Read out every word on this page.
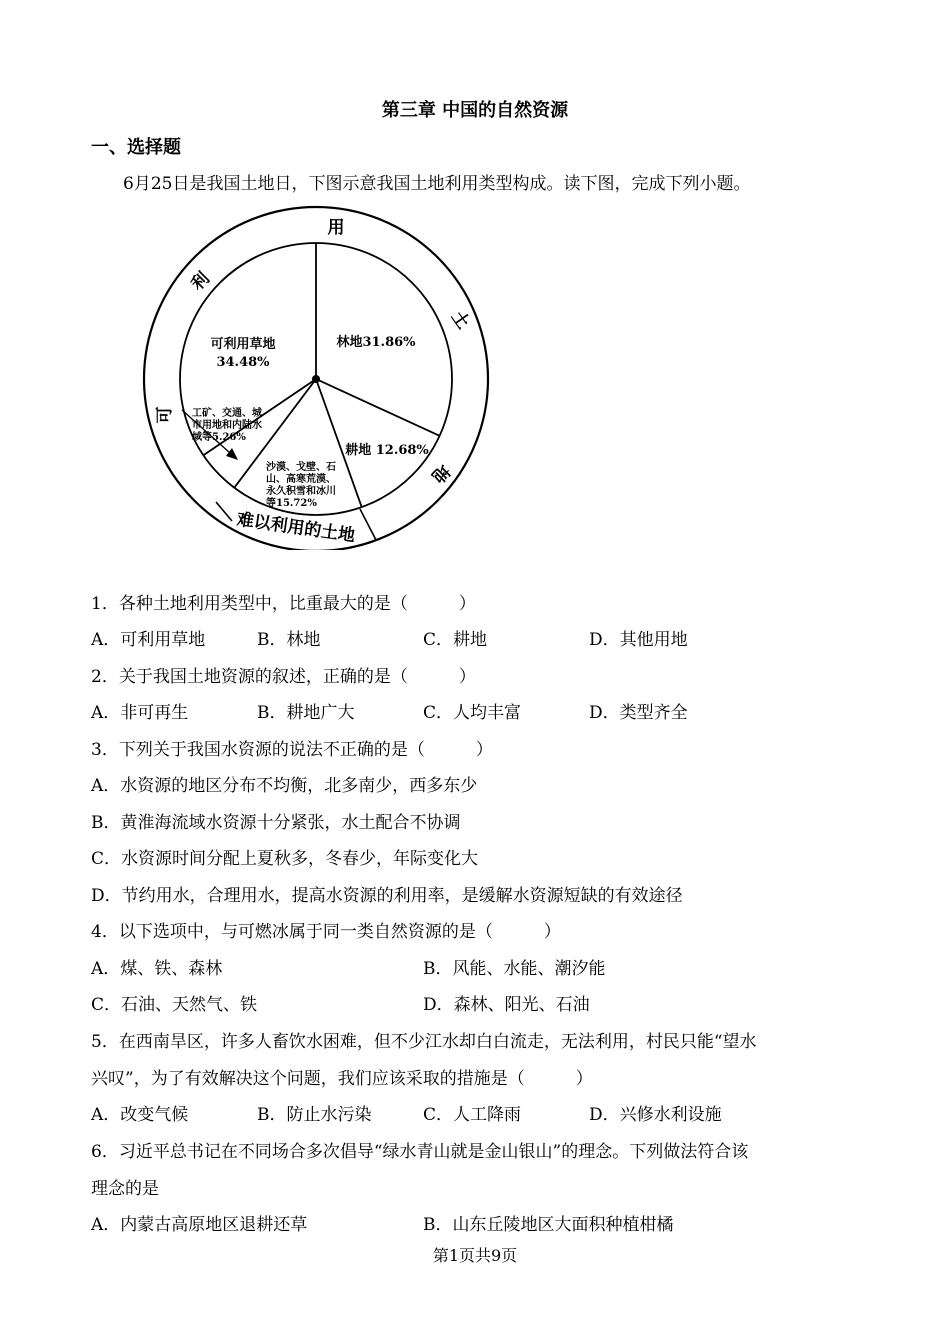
第三章 中国的自然资源
一、选择题
6月25日是我国土地日，下图示意我国土地利用类型构成。读下图，完成下列小题。
用
土
地
利
可
难以利用的土地
林地31.86%
耕地 12.68%
可利用草地
34.48%
工矿、交通、城
市用地和内陆水
域等5.26%
沙漠、戈壁、石
山、高寒荒漠、
永久积雪和冰川
等15.72%
1．各种土地利用类型中，比重最大的是（　　　）
A．可利用草地	B．林地	C．耕地	D．其他用地
2．关于我国土地资源的叙述，正确的是（　　　）
A．非可再生	B．耕地广大	C．人均丰富	D．类型齐全
3．下列关于我国水资源的说法不正确的是（　　　）
A．水资源的地区分布不均衡，北多南少，西多东少
B．黄淮海流域水资源十分紧张，水土配合不协调
C．水资源时间分配上夏秋多，冬春少，年际变化大
D．节约用水，合理用水，提高水资源的利用率，是缓解水资源短缺的有效途径
4．以下选项中，与可燃冰属于同一类自然资源的是（　　　）
A．煤、铁、森林	B．风能、水能、潮汐能
C．石油、天然气、铁	D．森林、阳光、石油
5．在西南旱区，许多人畜饮水困难，但不少江水却白白流走，无法利用，村民只能“望水
兴叹”，为了有效解决这个问题，我们应该采取的措施是（　　　）
A．改变气候	B．防止水污染	C．人工降雨	D．兴修水利设施
6．习近平总书记在不同场合多次倡导“绿水青山就是金山银山”的理念。下列做法符合该
理念的是
A．内蒙古高原地区退耕还草	B．山东丘陵地区大面积种植柑橘
第1页共9页
